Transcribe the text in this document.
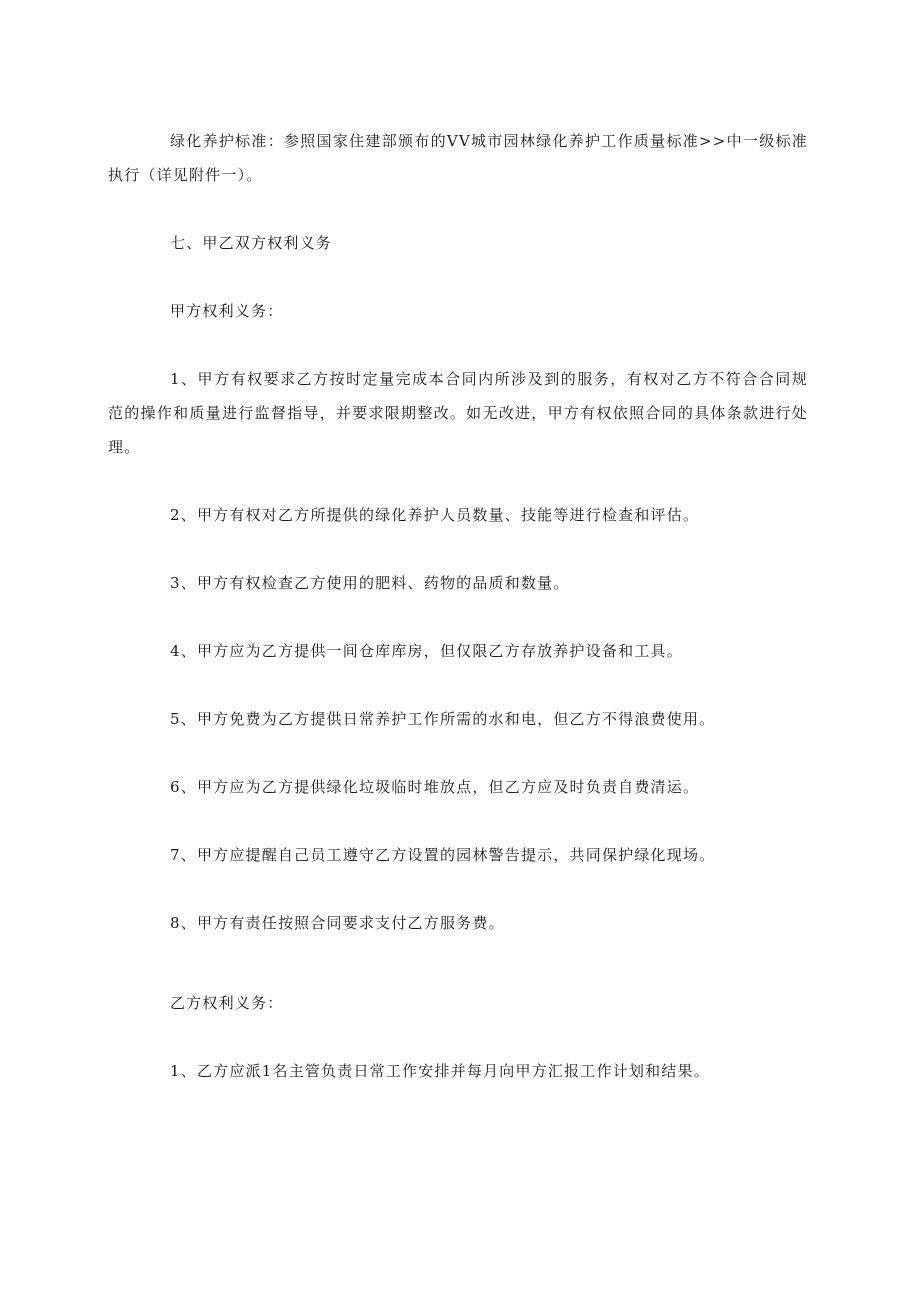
绿化养护标准：参照国家住建部颁布的VV城市园林绿化养护工作质量标准>>中一级标准执行（详见附件一）。

七、甲乙双方权利义务

甲方权利义务：

1、甲方有权要求乙方按时定量完成本合同内所涉及到的服务，有权对乙方不符合合同规范的操作和质量进行监督指导，并要求限期整改。如无改进，甲方有权依照合同的具体条款进行处理。

2、甲方有权对乙方所提供的绿化养护人员数量、技能等进行检查和评估。

3、甲方有权检查乙方使用的肥料、药物的品质和数量。

4、甲方应为乙方提供一间仓库库房，但仅限乙方存放养护设备和工具。

5、甲方免费为乙方提供日常养护工作所需的水和电，但乙方不得浪费使用。

6、甲方应为乙方提供绿化垃圾临时堆放点，但乙方应及时负责自费清运。

7、甲方应提醒自己员工遵守乙方设置的园林警告提示，共同保护绿化现场。

8、甲方有责任按照合同要求支付乙方服务费。

乙方权利义务：

1、乙方应派1名主管负责日常工作安排并每月向甲方汇报工作计划和结果。
